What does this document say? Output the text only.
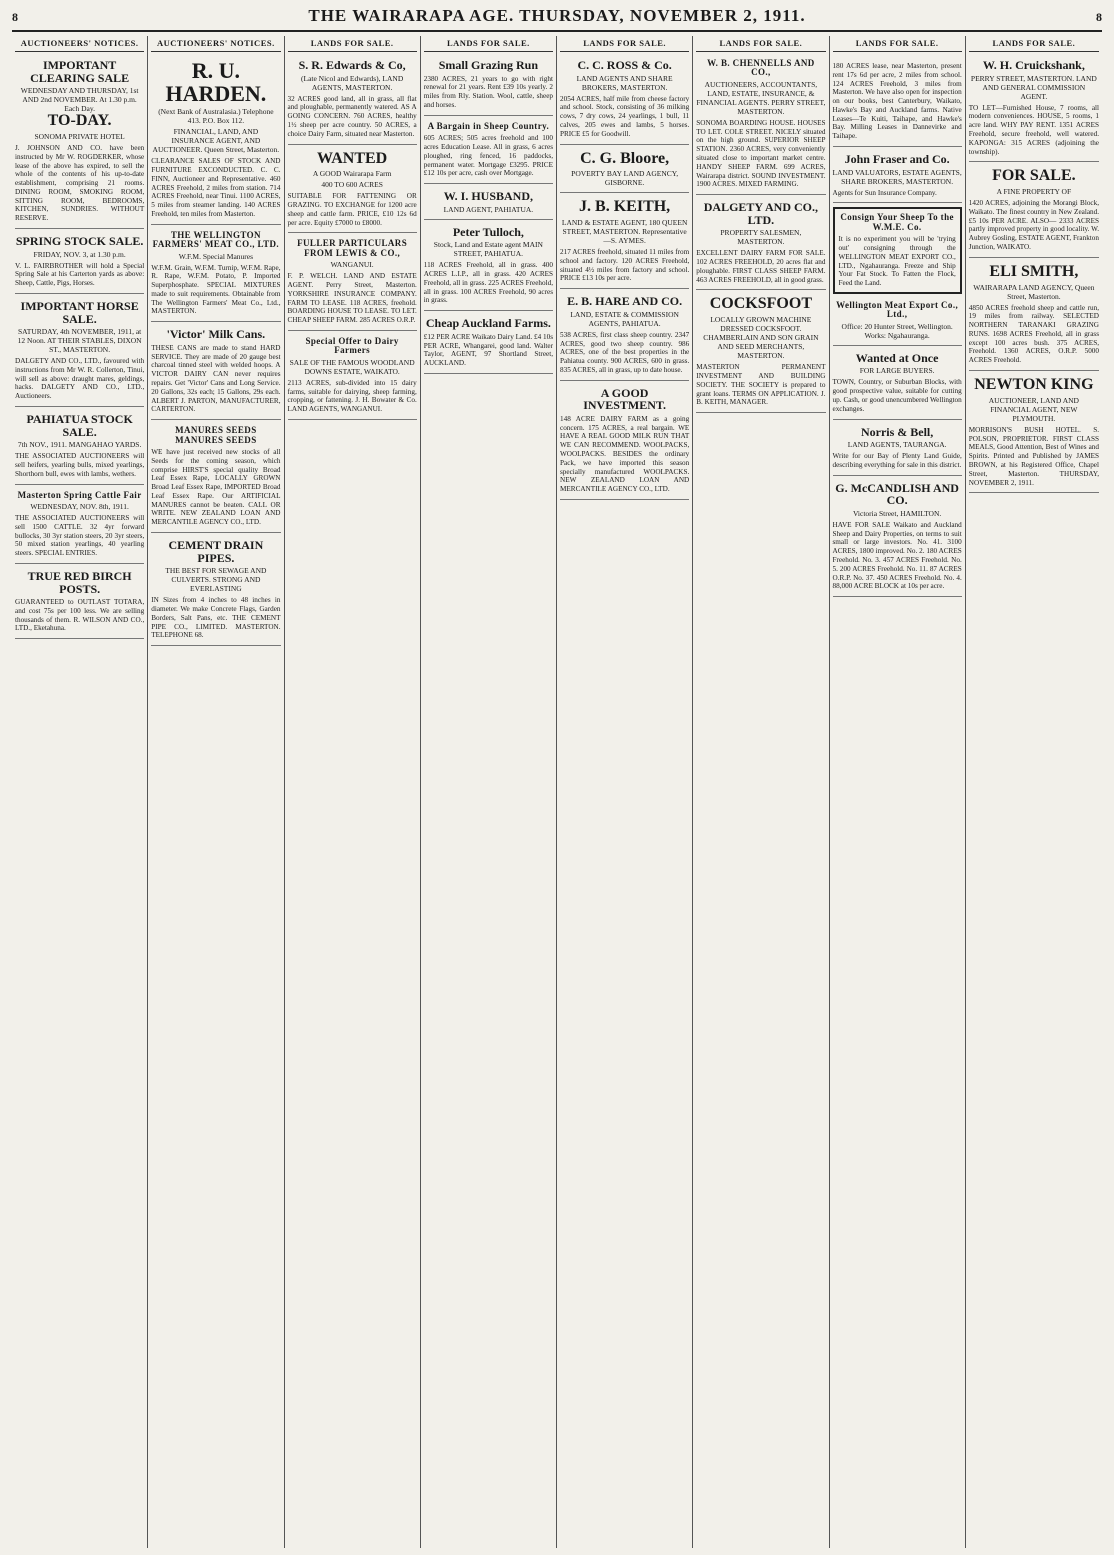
8	THE WAIRARAPA AGE. THURSDAY, NOVEMBER 2, 1911.	8
AUCTIONEERS' NOTICES.
IMPORTANT CLEARING SALE
WEDNESDAY AND THURSDAY, 1st AND 2nd NOVEMBER. At 1.30 p.m. Each Day.
TO-DAY.
SONOMA PRIVATE HOTEL
J. JOHNSON AND CO. have been instructed by Mr W. ROGDERKER, whose lease of the above has expired, to sell the whole of the contents of his up-to-date establishment, comprising 21 rooms. DINING ROOM, SMOKING ROOM, SITTING ROOM, BEDROOMS, KITCHEN, SUNDRIES. WITHOUT RESERVE.
SPRING STOCK SALE.
FRIDAY, NOV. 3, at 1.30 p.m.
V. L. FAIRBROTHER will hold a Special Spring Sale at his Carterton yards as above: Sheep, Cattle, Pigs, Horses.
IMPORTANT HORSE SALE.
SATURDAY, 4th NOVEMBER, 1911, at 12 Noon. AT THEIR STABLES, DIXON ST., MASTERTON.
DALGETY AND CO., LTD., favoured with instructions from Mr W. R. Collerton, Tinui, will sell as above: draught mares, geldings, hacks. DALGETY AND CO., LTD., Auctioneers.
PAHIATUA STOCK SALE.
7th NOV., 1911. MANGAHAO YARDS.
THE ASSOCIATED AUCTIONEERS will sell heifers, yearling bulls, mixed yearlings, Shorthorn bull, ewes with lambs, wethers.
Masterton Spring Cattle Fair
WEDNESDAY, NOV. 8th, 1911.
THE ASSOCIATED AUCTIONEERS will sell 1500 CATTLE. 32 4yr forward bullocks, 30 3yr station steers, 20 3yr steers, 50 mixed station yearlings, 40 yearling steers. SPECIAL ENTRIES.
TRUE RED BIRCH POSTS.
GUARANTEED to OUTLAST TOTARA, and cost 75s per 100 less. We are selling thousands of them. R. WILSON AND CO., LTD., Eketahuna.
AUCTIONEERS' NOTICES.
R. U. HARDEN.
(Next Bank of Australasia.) Telephone 413. P.O. Box 112.
FINANCIAL, LAND, AND INSURANCE AGENT, AND AUCTIONEER. Queen Street, Masterton.
CLEARANCE SALES OF STOCK AND FURNITURE EXCONDUCTED. C. C. FINN, Auctioneer and Representative. 460 ACRES Freehold, 2 miles from station. 714 ACRES Freehold, near Tinui. 1100 ACRES, 5 miles from steamer landing. 140 ACRES Freehold, ten miles from Masterton.
THE WELLINGTON FARMERS' MEAT CO., LTD.
W.F.M. Special Manures
W.F.M. Grain, W.F.M. Turnip, W.F.M. Rape, R. Rape, W.F.M. Potato, P. Imported Superphosphate. SPECIAL MIXTURES made to suit requirements. Obtainable from The Wellington Farmers' Meat Co., Ltd., MASTERTON.
'Victor' Milk Cans.
THESE CANS are made to stand HARD SERVICE. They are made of 20 gauge best charcoal tinned steel with welded hoops. A VICTOR DAIRY CAN never requires repairs. Get 'Victor' Cans and Long Service. 20 Gallons, 32s each; 15 Gallons, 29s each. ALBERT J. PARTON, MANUFACTURER, CARTERTON.
MANURES SEEDS MANURES SEEDS
WE have just received new stocks of all Seeds for the coming season, which comprise HIRST'S special quality Broad Leaf Essex Rape, LOCALLY GROWN Broad Leaf Essex Rape, IMPORTED Broad Leaf Essex Rape. Our ARTIFICIAL MANURES cannot be beaten. CALL OR WRITE. NEW ZEALAND LOAN AND MERCANTILE AGENCY CO., LTD.
CEMENT DRAIN PIPES.
THE BEST FOR SEWAGE AND CULVERTS. STRONG AND EVERLASTING
IN Sizes from 4 inches to 48 inches in diameter. We make Concrete Flags, Garden Borders, Salt Pans, etc. THE CEMENT PIPE CO., LIMITED. MASTERTON. TELEPHONE 68.
LANDS FOR SALE.
S. R. Edwards & Co,
(Late Nicol and Edwards), LAND AGENTS, MASTERTON.
32 ACRES good land, all in grass, all flat and ploughable, permanently watered. AS A GOING CONCERN. 760 ACRES, healthy 1½ sheep per acre country. 50 ACRES, a choice Dairy Farm, situated near Masterton.
WANTED
A GOOD Wairarapa Farm
400 TO 600 ACRES
SUITABLE FOR FATTENING OR GRAZING. TO EXCHANGE for 1200 acre sheep and cattle farm. PRICE, £10 12s 6d per acre. Equity £7000 to £8000.
FULLER PARTICULARS FROM LEWIS & CO.,
WANGANUI.
F. P. WELCH. LAND AND ESTATE AGENT. Perry Street, Masterton. YORKSHIRE INSURANCE COMPANY. FARM TO LEASE. 118 ACRES, freehold. BOARDING HOUSE TO LEASE. TO LET. CHEAP SHEEP FARM. 285 ACRES O.R.P.
Special Offer to Dairy Farmers
SALE OF THE FAMOUS WOODLAND DOWNS ESTATE, WAIKATO.
2113 ACRES, sub-divided into 15 dairy farms, suitable for dairying, sheep farming, cropping, or fattening. J. H. Bowater & Co. LAND AGENTS, WANGANUI.
LANDS FOR SALE.
Small Grazing Run
2380 ACRES, 21 years to go with right renewal for 21 years. Rent £39 10s yearly. 2 miles from Rly. Station. Wool, cattle, sheep and horses.
A Bargain in Sheep Country.
605 ACRES; 505 acres freehold and 100 acres Education Lease. All in grass, 6 acres ploughed, ring fenced, 16 paddocks, permanent water. Mortgage £3295. PRICE £12 10s per acre, cash over Mortgage.
W. I. HUSBAND,
LAND AGENT, PAHIATUA.
Peter Tulloch,
Stock, Land and Estate agent MAIN STREET, PAHIATUA.
118 ACRES Freehold, all in grass. 400 ACRES L.I.P., all in grass. 420 ACRES Freehold, all in grass. 225 ACRES Freehold, all in grass. 100 ACRES Freehold, 90 acres in grass.
Cheap Auckland Farms.
£12 PER ACRE Waikato Dairy Land. £4 10s PER ACRE, Whangarei, good land. Walter Taylor, AGENT, 97 Shortland Street, AUCKLAND.
LANDS FOR SALE.
C. C. ROSS & Co.
LAND AGENTS AND SHARE BROKERS, MASTERTON.
2054 ACRES, half mile from cheese factory and school. Stock, consisting of 36 milking cows, 7 dry cows, 24 yearlings, 1 bull, 11 calves, 205 ewes and lambs, 5 horses. PRICE £5 for Goodwill.
C. G. Bloore,
POVERTY BAY LAND AGENCY, GISBORNE.
J. B. KEITH,
LAND & ESTATE AGENT, 180 QUEEN STREET, MASTERTON. Representative—S. AYMES.
217 ACRES freehold, situated 11 miles from school and factory. 120 ACRES Freehold, situated 4½ miles from factory and school. PRICE £13 10s per acre.
E. B. HARE AND CO.
LAND, ESTATE & COMMISSION AGENTS, PAHIATUA.
538 ACRES, first class sheep country. 2347 ACRES, good two sheep country. 986 ACRES, one of the best properties in the Pahiatua county. 900 ACRES, 600 in grass. 835 ACRES, all in grass, up to date house.
A GOOD INVESTMENT.
148 ACRE DAIRY FARM as a going concern. 175 ACRES, a real bargain. WE HAVE A REAL GOOD MILK RUN THAT WE CAN RECOMMEND. WOOLPACKS, WOOLPACKS. BESIDES the ordinary Pack, we have imported this season specially manufactured WOOLPACKS. NEW ZEALAND LOAN AND MERCANTILE AGENCY CO., LTD.
LANDS FOR SALE.
W. B. CHENNELLS AND CO.,
AUCTIONEERS, ACCOUNTANTS, LAND, ESTATE, INSURANCE, & FINANCIAL AGENTS. PERRY STREET, MASTERTON.
SONOMA BOARDING HOUSE. HOUSES TO LET. COLE STREET. NICELY situated on the high ground. SUPERIOR SHEEP STATION. 2360 ACRES, very conveniently situated close to important market centre. HANDY SHEEP FARM. 699 ACRES, Wairarapa district. SOUND INVESTMENT. 1900 ACRES. MIXED FARMING.
DALGETY AND CO., LTD.
PROPERTY SALESMEN, MASTERTON.
EXCELLENT DAIRY FARM FOR SALE. 102 ACRES FREEHOLD, 20 acres flat and ploughable. FIRST CLASS SHEEP FARM. 463 ACRES FREEHOLD, all in good grass.
COCKSFOOT
LOCALLY GROWN MACHINE DRESSED COCKSFOOT. CHAMBERLAIN AND SON GRAIN AND SEED MERCHANTS, MASTERTON.
MASTERTON PERMANENT INVESTMENT AND BUILDING SOCIETY. THE SOCIETY is prepared to grant loans. TERMS ON APPLICATION. J. B. KEITH, MANAGER.
LANDS FOR SALE.
180 ACRES lease, near Masterton, present rent 17s 6d per acre, 2 miles from school. 124 ACRES Freehold, 3 miles from Masterton. We have also open for inspection on our books, best Canterbury, Waikato, Hawke's Bay and Auckland farms. Native Leases—Te Kuiti, Taihape, and Hawke's Bay. Milling Leases in Dannevirke and Taihape.
John Fraser and Co.
LAND VALUATORS, ESTATE AGENTS, SHARE BROKERS, MASTERTON.
Agents for Sun Insurance Company.
Consign Your Sheep To the W.M.E. Co.
It is no experiment you will be 'trying out' consigning through the WELLINGTON MEAT EXPORT CO., LTD., Ngahauranga. Freeze and Ship Your Fat Stock. To Fatten the Flock, Feed the Land.
Wellington Meat Export Co., Ltd.,
Office: 20 Hunter Street, Wellington. Works: Ngahauranga.
Wanted at Once
FOR LARGE BUYERS.
TOWN, Country, or Suburban Blocks, with good prospective value, suitable for cutting up. Cash, or good unencumbered Wellington exchanges.
Norris & Bell,
LAND AGENTS, TAURANGA.
Write for our Bay of Plenty Land Guide, describing everything for sale in this district.
G. McCANDLISH AND CO.
Victoria Street, HAMILTON.
HAVE FOR SALE Waikato and Auckland Sheep and Dairy Properties, on terms to suit small or large investors. No. 41. 3100 ACRES, 1800 improved. No. 2. 180 ACRES Freehold. No. 3. 457 ACRES Freehold. No. 5. 200 ACRES Freehold. No. 11. 87 ACRES O.R.P. No. 37. 450 ACRES Freehold. No. 4. 88,000 ACRE BLOCK at 10s per acre.
LANDS FOR SALE.
W. H. Cruickshank,
PERRY STREET, MASTERTON. LAND AND GENERAL COMMISSION AGENT.
TO LET—Furnished House, 7 rooms, all modern conveniences. HOUSE, 5 rooms, 1 acre land. WHY PAY RENT. 1351 ACRES Freehold, secure freehold, well watered. KAPONGA: 315 ACRES (adjoining the township).
FOR SALE.
A FINE PROPERTY OF
1420 ACRES, adjoining the Morangi Block, Waikato. The finest country in New Zealand. £5 10s PER ACRE. ALSO— 2333 ACRES partly improved property in good locality. W. Aubrey Gosling, ESTATE AGENT, Frankton Junction, WAIKATO.
ELI SMITH,
WAIRARAPA LAND AGENCY, Queen Street, Masterton.
4850 ACRES freehold sheep and cattle run, 19 miles from railway. SELECTED NORTHERN TARANAKI GRAZING RUNS. 1698 ACRES Freehold, all in grass except 100 acres bush. 375 ACRES, Freehold. 1360 ACRES, O.R.P. 5000 ACRES Freehold.
NEWTON KING
AUCTIONEER, LAND AND FINANCIAL AGENT, NEW PLYMOUTH.
MORRISON'S BUSH HOTEL. S. POLSON, PROPRIETOR. FIRST CLASS MEALS, Good Attention, Best of Wines and Spirits. Printed and Published by JAMES BROWN, at his Registered Office, Chapel Street, Masterton. THURSDAY, NOVEMBER 2, 1911.
